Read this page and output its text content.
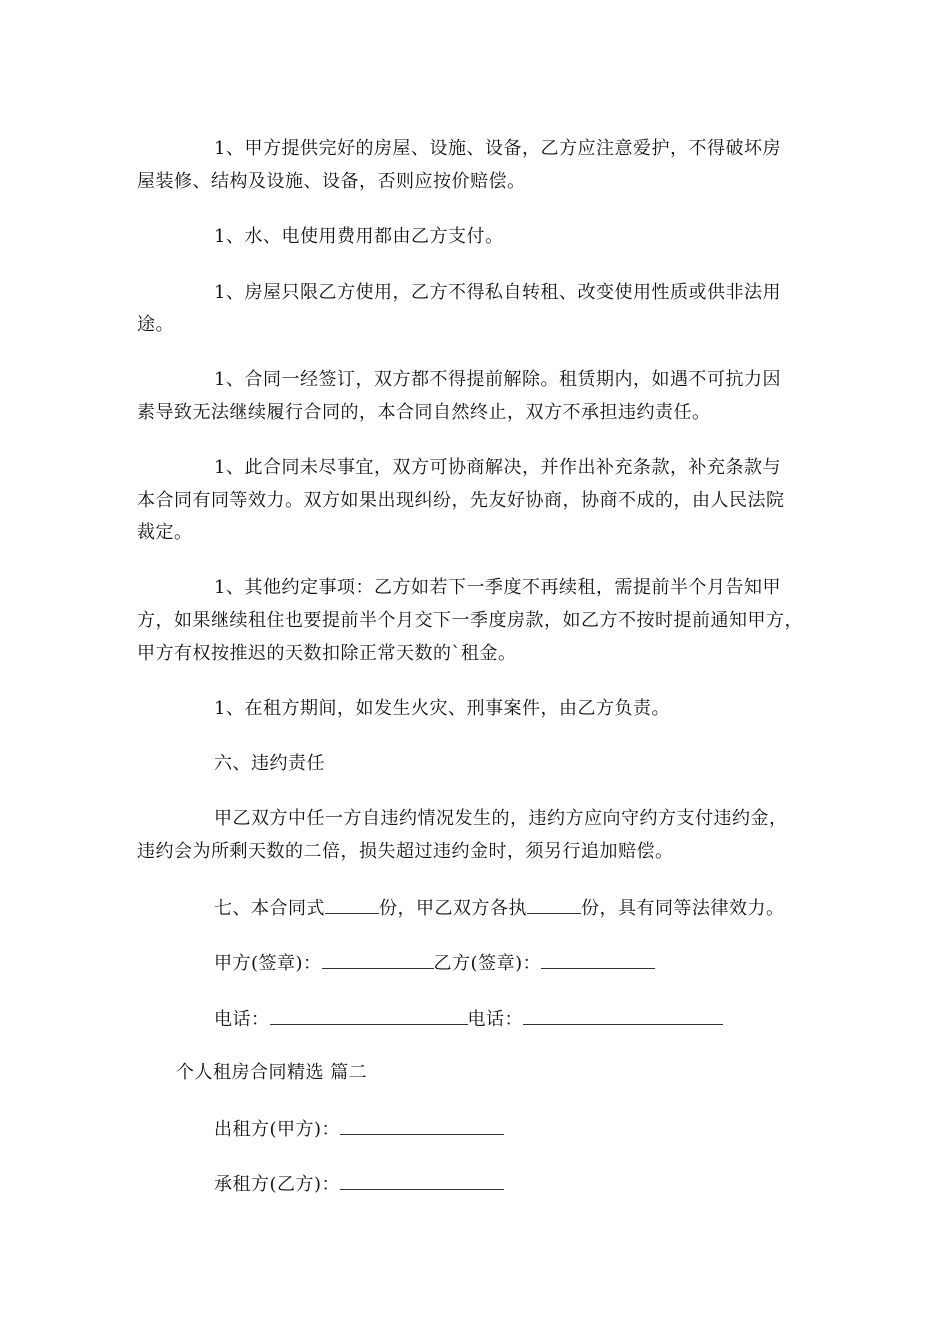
1、甲方提供完好的房屋、设施、设备，乙方应注意爱护，不得破坏房
屋装修、结构及设施、设备，否则应按价赔偿。
1、水、电使用费用都由乙方支付。
1、房屋只限乙方使用，乙方不得私自转租、改变使用性质或供非法用
途。
1、合同一经签订，双方都不得提前解除。租赁期内，如遇不可抗力因
素导致无法继续履行合同的，本合同自然终止，双方不承担违约责任。
1、此合同未尽事宜，双方可协商解决，并作出补充条款，补充条款与
本合同有同等效力。双方如果出现纠纷，先友好协商，协商不成的，由人民法院
裁定。
1、其他约定事项：乙方如若下一季度不再续租，需提前半个月告知甲
方，如果继续租住也要提前半个月交下一季度房款，如乙方不按时提前通知甲方，
甲方有权按推迟的天数扣除正常天数的`租金。
1、在租方期间，如发生火灾、刑事案件，由乙方负责。
六、违约责任
甲乙双方中任一方自违约情况发生的，违约方应向守约方支付违约金，
违约会为所剩天数的二倍，损失超过违约金时，须另行追加赔偿。
七、本合同式	份，甲乙双方各执	份，具有同等法律效力。
甲方(签章)：	乙方(签章)：
电话：	电话：
个人租房合同精选 篇二
出租方(甲方)：
承租方(乙方)：
